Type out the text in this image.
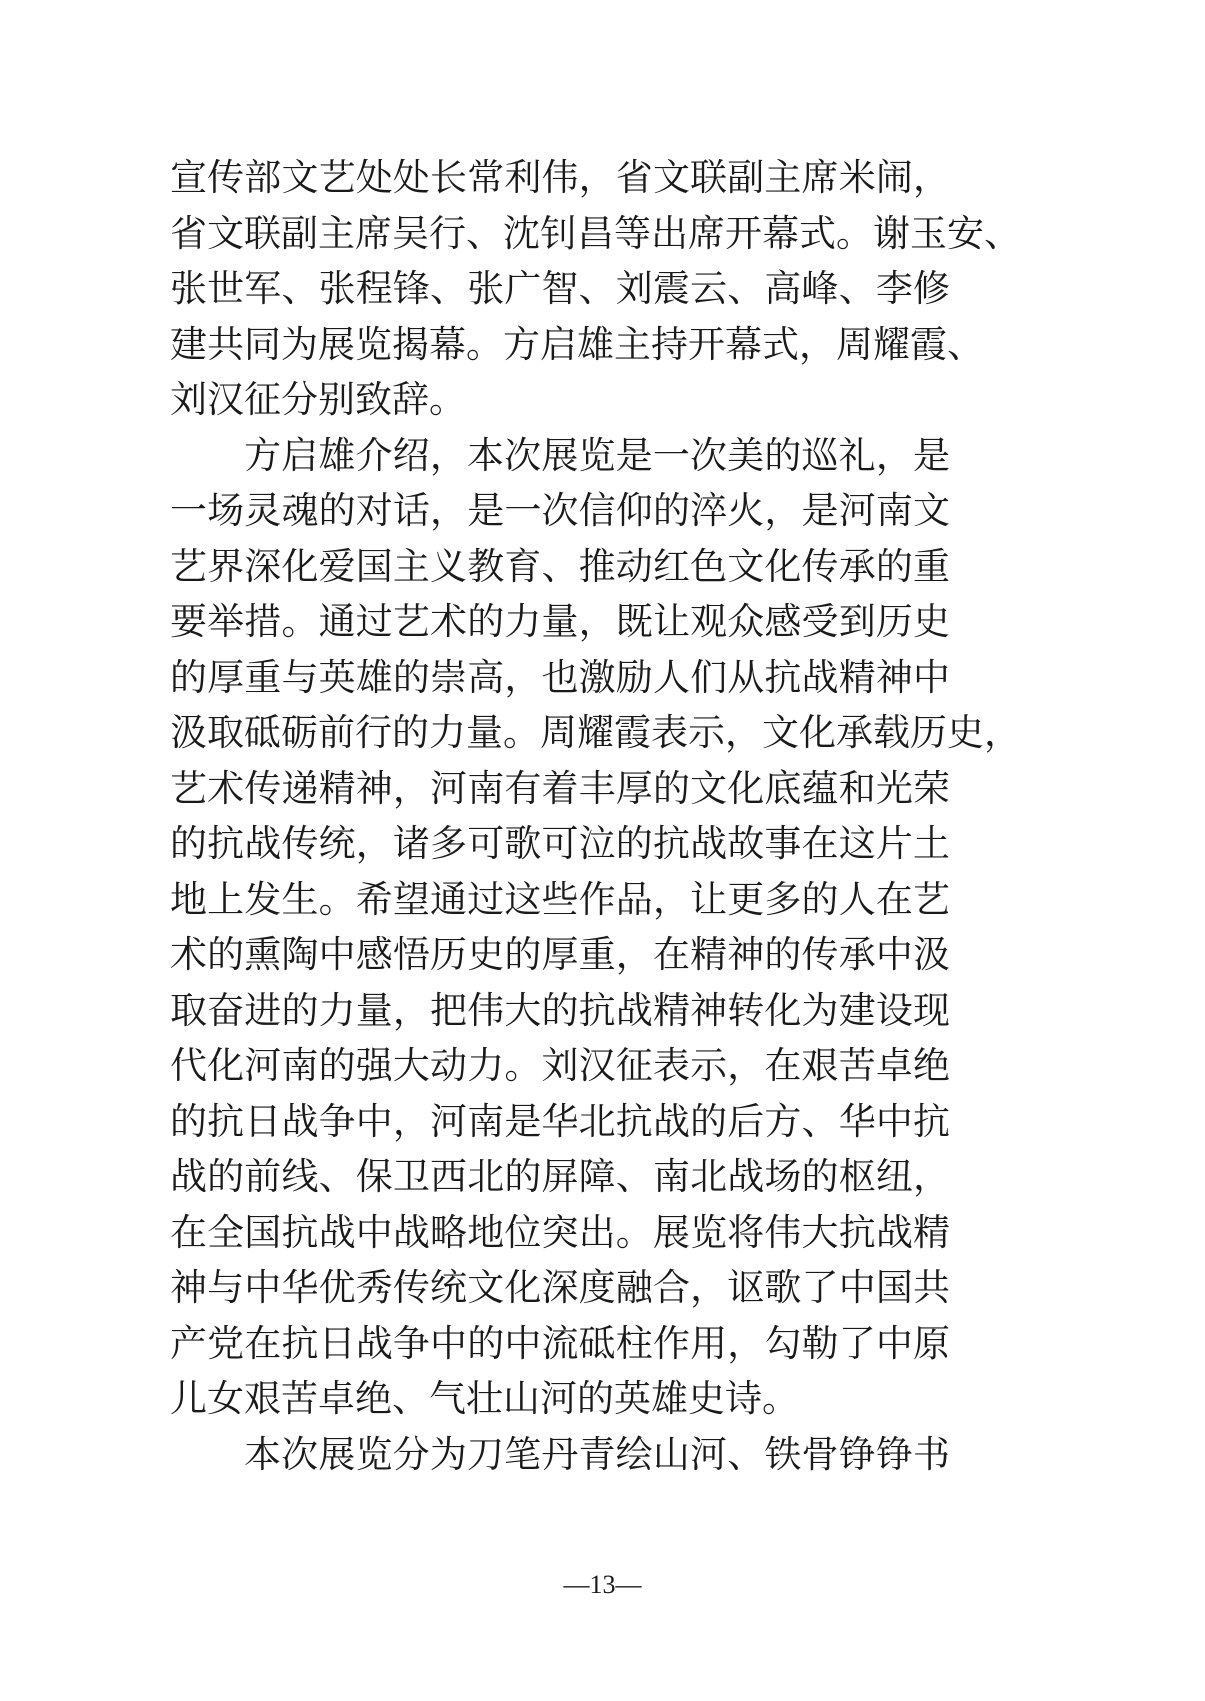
宣传部文艺处处长常利伟，省文联副主席米闹，
省文联副主席吴行、沈钊昌等出席开幕式。谢玉安、
张世军、张程锋、张广智、刘震云、高峰、李修
建共同为展览揭幕。方启雄主持开幕式，周耀霞、
刘汉征分别致辞。
方启雄介绍，本次展览是一次美的巡礼，是
一场灵魂的对话，是一次信仰的淬火，是河南文
艺界深化爱国主义教育、推动红色文化传承的重
要举措。通过艺术的力量，既让观众感受到历史
的厚重与英雄的崇高，也激励人们从抗战精神中
汲取砥砺前行的力量。周耀霞表示，文化承载历史，
艺术传递精神，河南有着丰厚的文化底蕴和光荣
的抗战传统，诸多可歌可泣的抗战故事在这片土
地上发生。希望通过这些作品，让更多的人在艺
术的熏陶中感悟历史的厚重，在精神的传承中汲
取奋进的力量，把伟大的抗战精神转化为建设现
代化河南的强大动力。刘汉征表示，在艰苦卓绝
的抗日战争中，河南是华北抗战的后方、华中抗
战的前线、保卫西北的屏障、南北战场的枢纽，
在全国抗战中战略地位突出。展览将伟大抗战精
神与中华优秀传统文化深度融合，讴歌了中国共
产党在抗日战争中的中流砥柱作用，勾勒了中原
儿女艰苦卓绝、气壮山河的英雄史诗。
本次展览分为刀笔丹青绘山河、铁骨铮铮书
—13—
